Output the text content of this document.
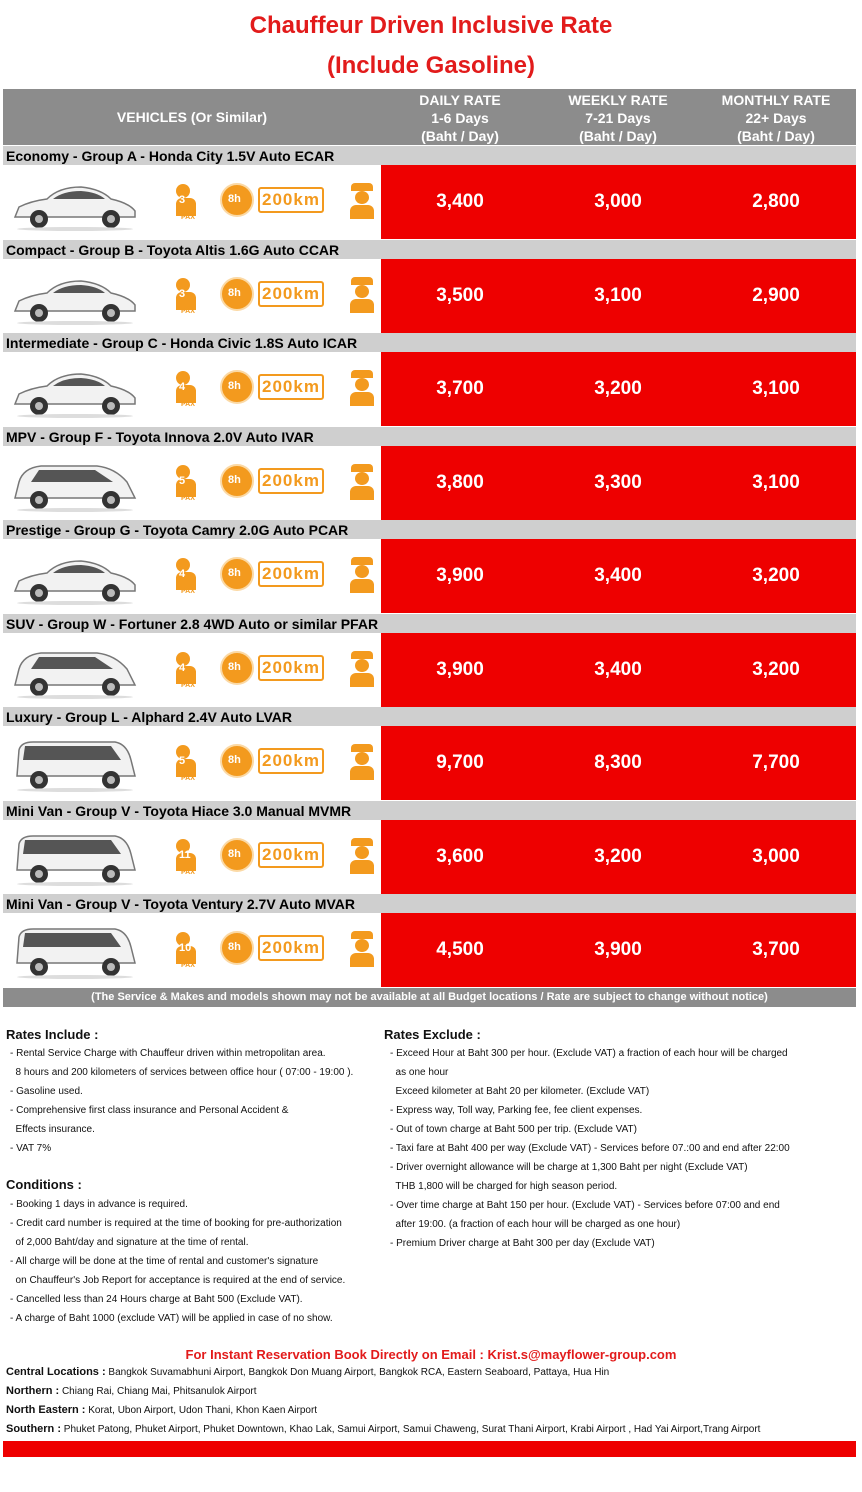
Chauffeur Driven Inclusive Rate
(Include Gasoline)
VEHICLES (Or Similar)
DAILY RATE
1-6 Days
(Baht / Day)
WEEKLY RATE
7-21 Days
(Baht / Day)
MONTHLY RATE
22+ Days
(Baht / Day)
Economy - Group A - Honda City 1.5V Auto ECAR
3
PAX
8h 200km	3,400	3,000	2,800
Compact - Group B - Toyota Altis 1.6G Auto CCAR
3
PAX
8h 200km	3,500	3,100	2,900
Intermediate - Group C - Honda Civic 1.8S Auto ICAR
4
PAX
8h 200km	3,700	3,200	3,100
MPV - Group F - Toyota Innova 2.0V Auto IVAR
5
PAX
8h 200km	3,800	3,300	3,100
Prestige - Group G - Toyota Camry 2.0G Auto PCAR
4
PAX
8h 200km	3,900	3,400	3,200
SUV - Group W - Fortuner 2.8 4WD Auto or similar PFAR
4
PAX
8h 200km	3,900	3,400	3,200
Luxury - Group L - Alphard 2.4V Auto LVAR
5
PAX
8h 200km	9,700	8,300	7,700
Mini Van - Group V - Toyota Hiace 3.0 Manual MVMR
11
PAX
8h 200km	3,600	3,200	3,000
Mini Van - Group V - Toyota Ventury 2.7V Auto MVAR
10
PAX
8h 200km	4,500	3,900	3,700
(The Service & Makes and models shown may not be available at all Budget locations / Rate are subject to change without notice)
Rates Include :
- Rental Service Charge with Chauffeur driven within metropolitan area.
8 hours and 200 kilometers of services between office hour ( 07:00 - 19:00 ).
- Gasoline used.
- Comprehensive first class insurance and Personal Accident &
Effects insurance.
- VAT 7%
Conditions :
- Booking 1 days in advance is required.
- Credit card number is required at the time of booking for pre-authorization
of 2,000 Baht/day and signature at the time of rental.
- All charge will be done at the time of rental and customer's signature
on Chauffeur's Job Report for acceptance is required at the end of service.
- Cancelled less than 24 Hours charge at Baht 500 (Exclude VAT).
- A charge of Baht 1000 (exclude VAT) will be applied in case of no show.
Rates Exclude :
- Exceed Hour at Baht 300 per hour. (Exclude VAT) a fraction of each hour will be charged
as one hour
Exceed kilometer at Baht 20 per kilometer. (Exclude VAT)
- Express way, Toll way, Parking fee, fee client expenses.
- Out of town charge at Baht 500 per trip. (Exclude VAT)
- Taxi fare at Baht 400 per way (Exclude VAT) - Services before 07.:00 and end after 22:00
- Driver overnight allowance will be charge at 1,300 Baht per night (Exclude VAT)
THB 1,800 will be charged for high season period.
- Over time charge at Baht 150 per hour. (Exclude VAT) - Services before 07:00 and end
after 19:00. (a fraction of each hour will be charged as one hour)
- Premium Driver charge at Baht 300 per day (Exclude VAT)
For Instant Reservation Book Directly on Email : Krist.s@mayflower-group.com
Central Locations : Bangkok Suvamabhuni Airport, Bangkok Don Muang Airport, Bangkok RCA, Eastern Seaboard, Pattaya, Hua Hin
Northern : Chiang Rai, Chiang Mai, Phitsanulok Airport
North Eastern : Korat, Ubon Airport, Udon Thani, Khon Kaen Airport
Southern : Phuket Patong, Phuket Airport, Phuket Downtown, Khao Lak, Samui Airport, Samui Chaweng, Surat Thani Airport, Krabi Airport , Had Yai Airport,Trang Airport
